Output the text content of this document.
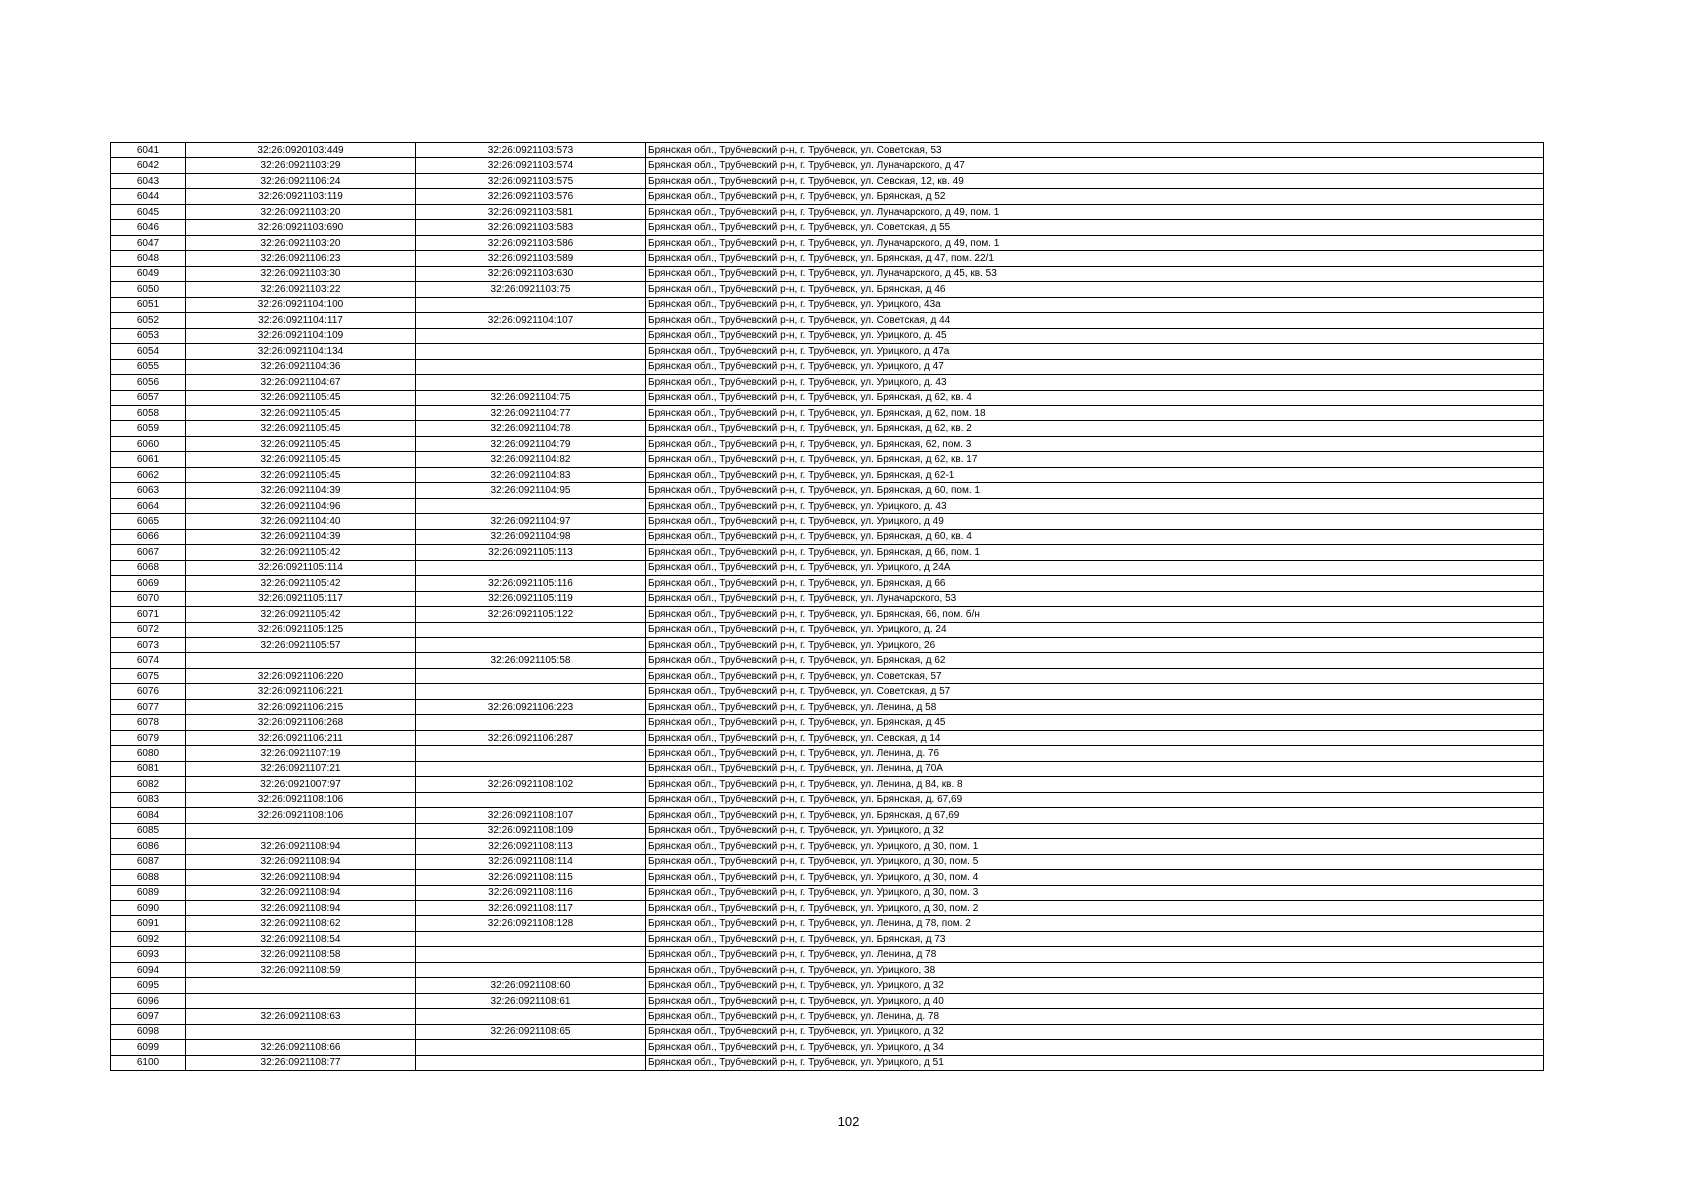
6041	32:26:0920103:449	32:26:0921103:573	Брянская обл., Трубчевский р-н, г. Трубчевск, ул. Советская, 53
6042	32:26:0921103:29	32:26:0921103:574	Брянская обл., Трубчевский р-н, г. Трубчевск, ул. Луначарского, д 47
6043	32:26:0921106:24	32:26:0921103:575	Брянская обл., Трубчевский р-н, г. Трубчевск, ул. Севская, 12, кв. 49
6044	32:26:0921103:119	32:26:0921103:576	Брянская обл., Трубчевский р-н, г. Трубчевск, ул. Брянская, д 52
6045	32:26:0921103:20	32:26:0921103:581	Брянская обл., Трубчевский р-н, г. Трубчевск, ул. Луначарского, д 49, пом. 1
6046	32:26:0921103:690	32:26:0921103:583	Брянская обл., Трубчевский р-н, г. Трубчевск, ул. Советская, д 55
6047	32:26:0921103:20	32:26:0921103:586	Брянская обл., Трубчевский р-н, г. Трубчевск, ул. Луначарского, д 49, пом. 1
6048	32:26:0921106:23	32:26:0921103:589	Брянская обл., Трубчевский р-н, г. Трубчевск, ул. Брянская, д 47, пом. 22/1
6049	32:26:0921103:30	32:26:0921103:630	Брянская обл., Трубчевский р-н, г. Трубчевск, ул. Луначарского, д 45, кв. 53
6050	32:26:0921103:22	32:26:0921103:75	Брянская обл., Трубчевский р-н, г. Трубчевск, ул. Брянская, д 46
6051	32:26:0921104:100		Брянская обл., Трубчевский р-н, г. Трубчевск, ул. Урицкого, 43а
6052	32:26:0921104:117	32:26:0921104:107	Брянская обл., Трубчевский р-н, г. Трубчевск, ул. Советская, д 44
6053	32:26:0921104:109		Брянская обл., Трубчевский р-н, г. Трубчевск, ул. Урицкого, д. 45
6054	32:26:0921104:134		Брянская обл., Трубчевский р-н, г. Трубчевск, ул. Урицкого, д 47а
6055	32:26:0921104:36		Брянская обл., Трубчевский р-н, г. Трубчевск, ул. Урицкого, д 47
6056	32:26:0921104:67		Брянская обл., Трубчевский р-н, г. Трубчевск, ул. Урицкого, д. 43
6057	32:26:0921105:45	32:26:0921104:75	Брянская обл., Трубчевский р-н, г. Трубчевск, ул. Брянская, д 62, кв. 4
6058	32:26:0921105:45	32:26:0921104:77	Брянская обл., Трубчевский р-н, г. Трубчевск, ул. Брянская, д 62, пом. 18
6059	32:26:0921105:45	32:26:0921104:78	Брянская обл., Трубчевский р-н, г. Трубчевск, ул. Брянская, д 62, кв. 2
6060	32:26:0921105:45	32:26:0921104:79	Брянская обл., Трубчевский р-н, г. Трубчевск, ул. Брянская, 62, пом. 3
6061	32:26:0921105:45	32:26:0921104:82	Брянская обл., Трубчевский р-н, г. Трубчевск, ул. Брянская, д 62, кв. 17
6062	32:26:0921105:45	32:26:0921104:83	Брянская обл., Трубчевский р-н, г. Трубчевск, ул. Брянская, д 62-1
6063	32:26:0921104:39	32:26:0921104:95	Брянская обл., Трубчевский р-н, г. Трубчевск, ул. Брянская, д 60, пом. 1
6064	32:26:0921104:96		Брянская обл., Трубчевский р-н, г. Трубчевск, ул. Урицкого, д. 43
6065	32:26:0921104:40	32:26:0921104:97	Брянская обл., Трубчевский р-н, г. Трубчевск, ул. Урицкого, д 49
6066	32:26:0921104:39	32:26:0921104:98	Брянская обл., Трубчевский р-н, г. Трубчевск, ул. Брянская, д 60, кв. 4
6067	32:26:0921105:42	32:26:0921105:113	Брянская обл., Трубчевский р-н, г. Трубчевск, ул. Брянская, д 66, пом. 1
6068	32:26:0921105:114		Брянская обл., Трубчевский р-н, г. Трубчевск, ул. Урицкого, д 24А
6069	32:26:0921105:42	32:26:0921105:116	Брянская обл., Трубчевский р-н, г. Трубчевск, ул. Брянская, д 66
6070	32:26:0921105:117	32:26:0921105:119	Брянская обл., Трубчевский р-н, г. Трубчевск, ул. Луначарского, 53
6071	32:26:0921105:42	32:26:0921105:122	Брянская обл., Трубчевский р-н, г. Трубчевск, ул. Брянская, 66, пом. б/н
6072	32:26:0921105:125		Брянская обл., Трубчевский р-н, г. Трубчевск, ул. Урицкого, д. 24
6073	32:26:0921105:57		Брянская обл., Трубчевский р-н, г. Трубчевск, ул. Урицкого, 26
6074		32:26:0921105:58	Брянская обл., Трубчевский р-н, г. Трубчевск, ул. Брянская, д 62
6075	32:26:0921106:220		Брянская обл., Трубчевский р-н, г. Трубчевск, ул. Советская, 57
6076	32:26:0921106:221		Брянская обл., Трубчевский р-н, г. Трубчевск, ул. Советская, д 57
6077	32:26:0921106:215	32:26:0921106:223	Брянская обл., Трубчевский р-н, г. Трубчевск, ул. Ленина, д 58
6078	32:26:0921106:268		Брянская обл., Трубчевский р-н, г. Трубчевск, ул. Брянская, д 45
6079	32:26:0921106:211	32:26:0921106:287	Брянская обл., Трубчевский р-н, г. Трубчевск, ул. Севская, д 14
6080	32:26:0921107:19		Брянская обл., Трубчевский р-н, г. Трубчевск, ул. Ленина, д. 76
6081	32:26:0921107:21		Брянская обл., Трубчевский р-н, г. Трубчевск, ул. Ленина, д 70А
6082	32:26:0921007:97	32:26:0921108:102	Брянская обл., Трубчевский р-н, г. Трубчевск, ул. Ленина, д 84, кв. 8
6083	32:26:0921108:106		Брянская обл., Трубчевский р-н, г. Трубчевск, ул. Брянская, д. 67,69
6084	32:26:0921108:106	32:26:0921108:107	Брянская обл., Трубчевский р-н, г. Трубчевск, ул. Брянская, д 67,69
6085		32:26:0921108:109	Брянская обл., Трубчевский р-н, г. Трубчевск, ул. Урицкого, д 32
6086	32:26:0921108:94	32:26:0921108:113	Брянская обл., Трубчевский р-н, г. Трубчевск, ул. Урицкого, д 30, пом. 1
6087	32:26:0921108:94	32:26:0921108:114	Брянская обл., Трубчевский р-н, г. Трубчевск, ул. Урицкого, д 30, пом. 5
6088	32:26:0921108:94	32:26:0921108:115	Брянская обл., Трубчевский р-н, г. Трубчевск, ул. Урицкого, д 30, пом. 4
6089	32:26:0921108:94	32:26:0921108:116	Брянская обл., Трубчевский р-н, г. Трубчевск, ул. Урицкого, д 30, пом. 3
6090	32:26:0921108:94	32:26:0921108:117	Брянская обл., Трубчевский р-н, г. Трубчевск, ул. Урицкого, д 30, пом. 2
6091	32:26:0921108:62	32:26:0921108:128	Брянская обл., Трубчевский р-н, г. Трубчевск, ул. Ленина, д 78, пом. 2
6092	32:26:0921108:54		Брянская обл., Трубчевский р-н, г. Трубчевск, ул. Брянская, д 73
6093	32:26:0921108:58		Брянская обл., Трубчевский р-н, г. Трубчевск, ул. Ленина, д 78
6094	32:26:0921108:59		Брянская обл., Трубчевский р-н, г. Трубчевск, ул. Урицкого, 38
6095		32:26:0921108:60	Брянская обл., Трубчевский р-н, г. Трубчевск, ул. Урицкого, д 32
6096		32:26:0921108:61	Брянская обл., Трубчевский р-н, г. Трубчевск, ул. Урицкого, д 40
6097	32:26:0921108:63		Брянская обл., Трубчевский р-н, г. Трубчевск, ул. Ленина, д. 78
6098		32:26:0921108:65	Брянская обл., Трубчевский р-н, г. Трубчевск, ул. Урицкого, д 32
6099	32:26:0921108:66		Брянская обл., Трубчевский р-н, г. Трубчевск, ул. Урицкого, д 34
6100	32:26:0921108:77		Брянская обл., Трубчевский р-н, г. Трубчевск, ул. Урицкого, д 51
102
